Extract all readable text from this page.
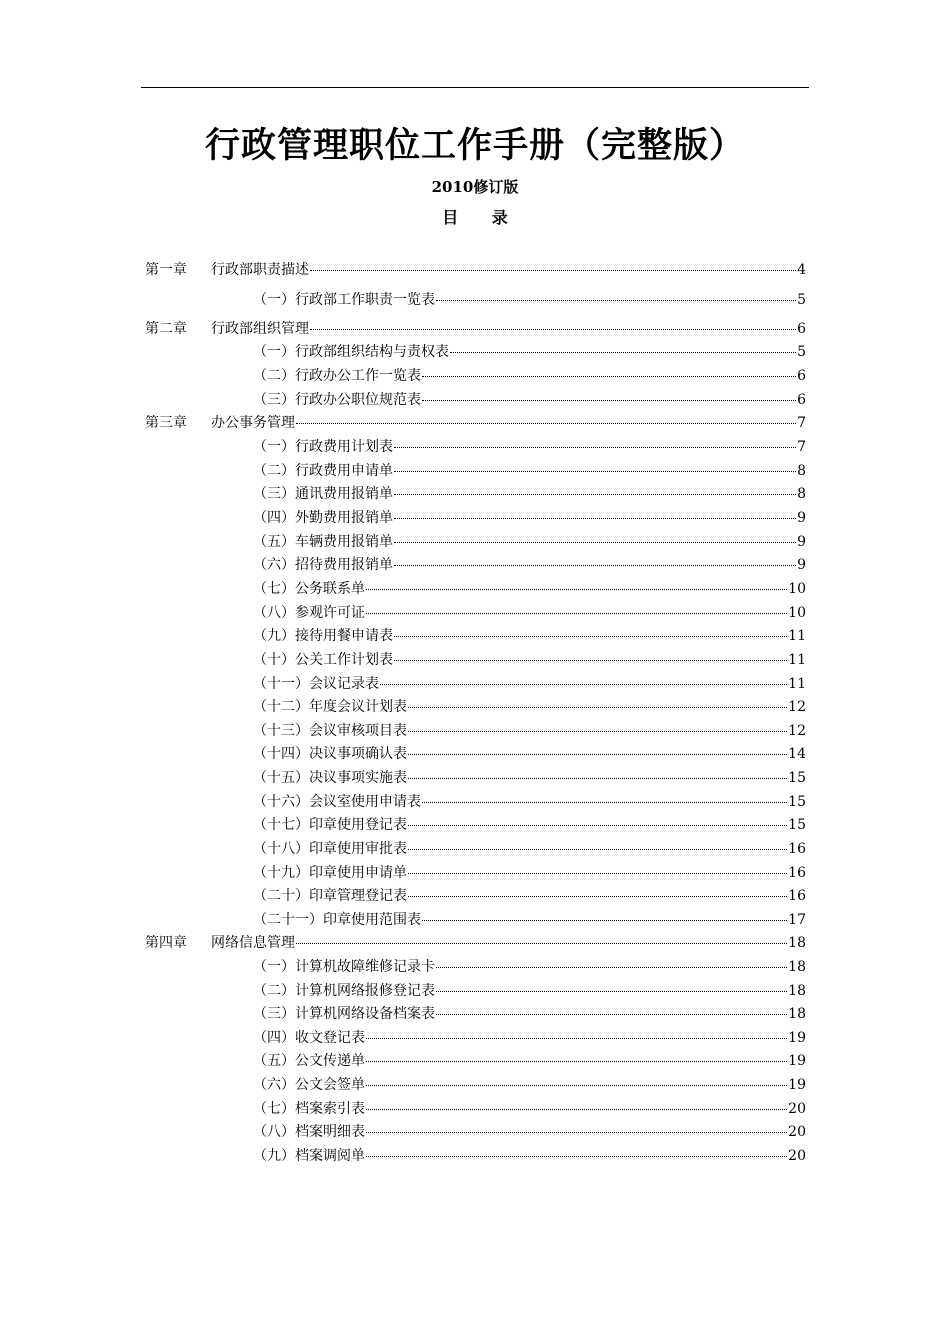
行政管理职位工作手册（完整版）
2010修订版
目 录
第一章	行政部职责描述	4
（一）行政部工作职责一览表	5
第二章	行政部组织管理	6
（一）行政部组织结构与责权表	5
（二）行政办公工作一览表	6
（三）行政办公职位规范表	6
第三章	办公事务管理	7
（一）行政费用计划表	7
（二）行政费用申请单	8
（三）通讯费用报销单	8
（四）外勤费用报销单	9
（五）车辆费用报销单	9
（六）招待费用报销单	9
（七）公务联系单	10
（八）参观许可证	10
（九）接待用餐申请表	11
（十）公关工作计划表	11
（十一）会议记录表	11
（十二）年度会议计划表	12
（十三）会议审核项目表	12
（十四）决议事项确认表	14
（十五）决议事项实施表	15
（十六）会议室使用申请表	15
（十七）印章使用登记表	15
（十八）印章使用审批表	16
（十九）印章使用申请单	16
（二十）印章管理登记表	16
（二十一）印章使用范围表	17
第四章	网络信息管理	18
（一）计算机故障维修记录卡	18
（二）计算机网络报修登记表	18
（三）计算机网络设备档案表	18
（四）收文登记表	19
（五）公文传递单	19
（六）公文会签单	19
（七）档案索引表	20
（八）档案明细表	20
（九）档案调阅单	20
